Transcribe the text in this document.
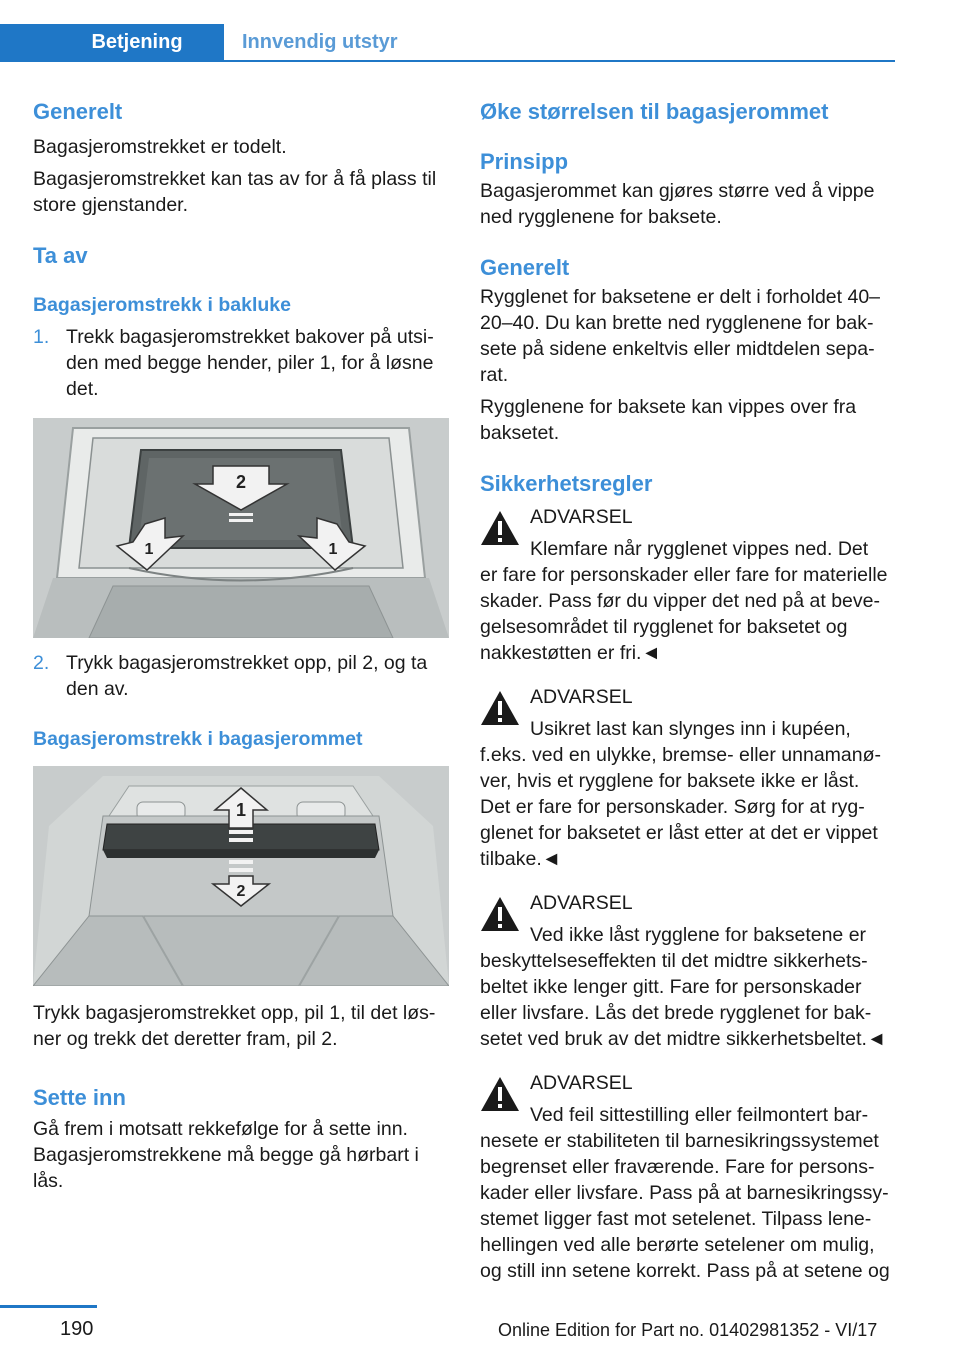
Betjening	Innvendig utstyr
Generelt

Bagasjeromstrekket er todelt.

Bagasjeromstrekket kan tas av for å få plass til store gjenstander.

Ta av
Bagasjeromstrekk i bakluke
1. Trekk bagasjeromstrekket bakover på utsi-den med begge hender, piler 1, for å løsne det.
2
1	1
2. Trykk bagasjeromstrekket opp, pil 2, og ta den av.
Bagasjeromstrekk i bagasjerommet
1
2

Trykk bagasjeromstrekket opp, pil 1, til det løs-ner og trekk det deretter fram, pil 2.

Sette inn

Gå frem i motsatt rekkefølge for å sette inn.

Bagasjeromstrekkene må begge gå hørbart i lås.

Øke størrelsen til bagasjerommet
Prinsipp

Bagasjerommet kan gjøres større ved å vippe ned rygglenene for baksete.

Generelt

Rygglenet for baksetene er delt i forholdet 40–20–40. Du kan brette ned rygglenene for bak-sete på sidene enkeltvis eller midtdelen sepa-rat.

Rygglenene for baksete kan vippes over fra baksetet.

Sikkerhetsregler

ADVARSEL

Klemfare når rygglenet vippes ned. Det

er fare for personskader eller fare for materielle skader. Pass før du vipper det ned på at beve-gelsesområdet til rygglenet for baksetet og nakkestøtten er fri.◄

ADVARSEL

Usikret last kan slynges inn i kupéen,

f.eks. ved en ulykke, bremse- eller unnamanø-ver, hvis et rygglene for baksete ikke er låst. Det er fare for personskader. Sørg for at ryg-glenet for baksetet er låst etter at det er vippet tilbake.◄

ADVARSEL

Ved ikke låst rygglene for baksetene er

beskyttelseseffekten til det midtre sikkerhets-beltet ikke lenger gitt. Fare for personskader eller livsfare. Lås det brede rygglenet for bak-setet ved bruk av det midtre sikkerhetsbeltet.◄

ADVARSEL

Ved feil sittestilling eller feilmontert bar-

nesete er stabiliteten til barnesikringssystemet begrenset eller fraværende. Fare for persons-kader eller livsfare. Pass på at barnesikringssy-stemet ligger fast mot setelenet. Tilpass lene-hellingen ved alle berørte setelener om mulig, og still inn setene korrekt. Pass på at setene og

190	Online Edition for Part no. 01402981352 - VI/17
